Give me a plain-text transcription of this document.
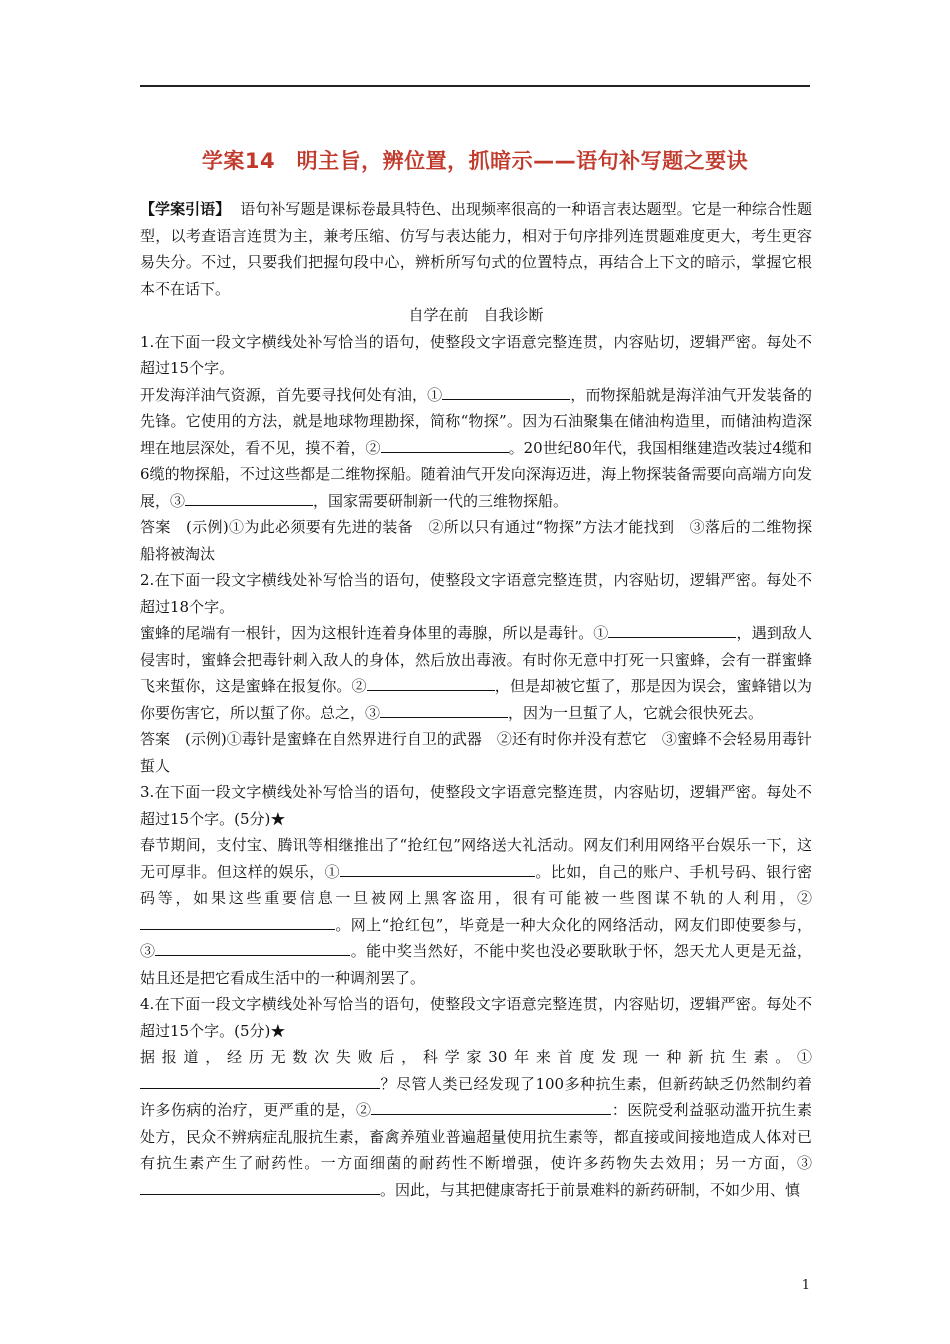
学案14　明主旨，辨位置，抓暗示——语句补写题之要诀

【学案引语】 语句补写题是课标卷最具特色、出现频率很高的一种语言表达题型。它是一种综合性题型，以考查语言连贯为主，兼考压缩、仿写与表达能力，相对于句序排列连贯题难度更大，考生更容易失分。不过，只要我们把握句段中心，辨析所写句式的位置特点，再结合上下文的暗示，掌握它根本不在话下。

自学在前　自我诊断

1.在下面一段文字横线处补写恰当的语句，使整段文字语意完整连贯，内容贴切，逻辑严密。每处不超过15个字。

开发海洋油气资源，首先要寻找何处有油，①	，而物探船就是海洋油气开发装备的先锋。它使用的方法，就是地球物理勘探，简称“物探”。因为石油聚集在储油构造里，而储油构造深埋在地层深处，看不见，摸不着，②	。20世纪80年代，我国相继建造改装过4缆和6缆的物探船，不过这些都是二维物探船。随着油气开发向深海迈进，海上物探装备需要向高端方向发展，③	，国家需要研制新一代的三维物探船。

答案　(示例)①为此必须要有先进的装备　②所以只有通过“物探”方法才能找到　③落后的二维物探船将被淘汰

2.在下面一段文字横线处补写恰当的语句，使整段文字语意完整连贯，内容贴切，逻辑严密。每处不超过18个字。

蜜蜂的尾端有一根针，因为这根针连着身体里的毒腺，所以是毒针。①	，遇到敌人侵害时，蜜蜂会把毒针刺入敌人的身体，然后放出毒液。有时你无意中打死一只蜜蜂，会有一群蜜蜂飞来蜇你，这是蜜蜂在报复你。②	，但是却被它蜇了，那是因为误会，蜜蜂错以为你要伤害它，所以蜇了你。总之，③	，因为一旦蜇了人，它就会很快死去。

答案　(示例)①毒针是蜜蜂在自然界进行自卫的武器　②还有时你并没有惹它　③蜜蜂不会轻易用毒针蜇人

3.在下面一段文字横线处补写恰当的语句，使整段文字语意完整连贯，内容贴切，逻辑严密。每处不超过15个字。(5分)★

春节期间，支付宝、腾讯等相继推出了“抢红包”网络送大礼活动。网友们利用网络平台娱乐一下，这无可厚非。但这样的娱乐，①	。比如，自己的账户、手机号码、银行密码等，如果这些重要信息一旦被网上黑客盗用，很有可能被一些图谋不轨的人利用，②。网上“抢红包”，毕竟是一种大众化的网络活动，网友们即使要参与，③	。能中奖当然好，不能中奖也没必要耿耿于怀，怨天尤人更是无益，姑且还是把它看成生活中的一种调剂罢了。

4.在下面一段文字横线处补写恰当的语句，使整段文字语意完整连贯，内容贴切，逻辑严密。每处不超过15个字。(5分)★

据报道，经历无数次失败后，科学家30年来首度发现一种新抗生素。①？尽管人类已经发现了100多种抗生素，但新药缺乏仍然制约着许多伤病的治疗，更严重的是，②	：医院受利益驱动滥开抗生素处方，民众不辨病症乱服抗生素，畜禽养殖业普遍超量使用抗生素等，都直接或间接地造成人体对已有抗生素产生了耐药性。一方面细菌的耐药性不断增强，使许多药物失去效用；另一方面，③。因此，与其把健康寄托于前景难料的新药研制，不如少用、慎

1
